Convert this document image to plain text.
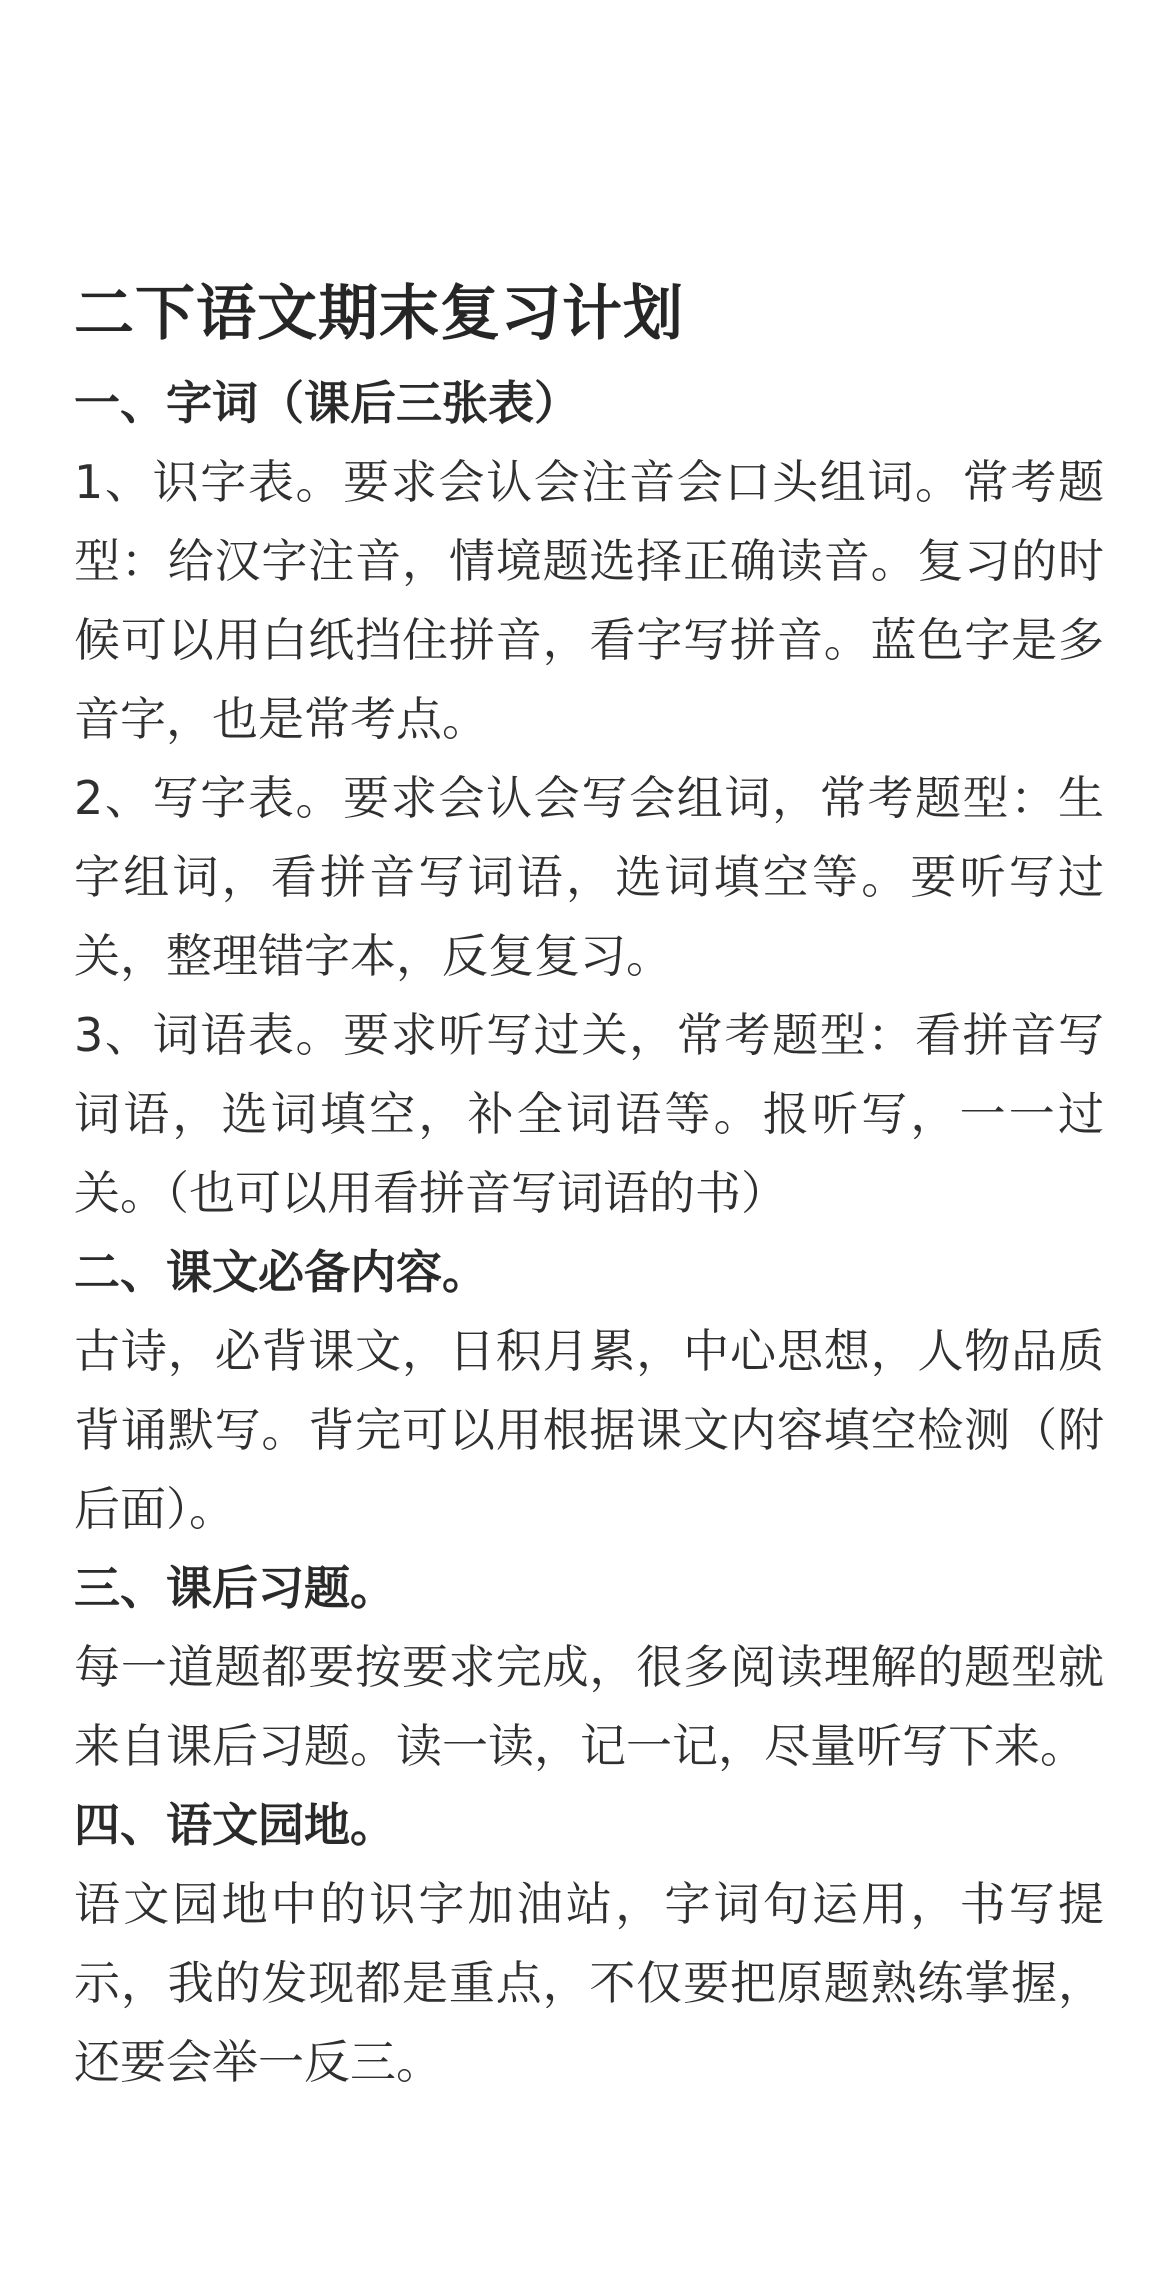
二下语文期末复习计划
一、字词（课后三张表）

1、识字表。要求会认会注音会口头组词。常考题型：给汉字注音，情境题选择正确读音。复习的时候可以用白纸挡住拼音，看字写拼音。蓝色字是多音字，也是常考点。

2、写字表。要求会认会写会组词，常考题型：生字组词，看拼音写词语，选词填空等。要听写过关，整理错字本，反复复习。

3、词语表。要求听写过关，常考题型：看拼音写词语，选词填空，补全词语等。报听写，一一过关。（也可以用看拼音写词语的书）

二、课文必备内容。

古诗，必背课文，日积月累，中心思想，人物品质背诵默写。背完可以用根据课文内容填空检测（附后面）。

三、课后习题。

每一道题都要按要求完成，很多阅读理解的题型就来自课后习题。读一读，记一记，尽量听写下来。

四、语文园地。

语文园地中的识字加油站，字词句运用，书写提示，我的发现都是重点，不仅要把原题熟练掌握，还要会举一反三。
